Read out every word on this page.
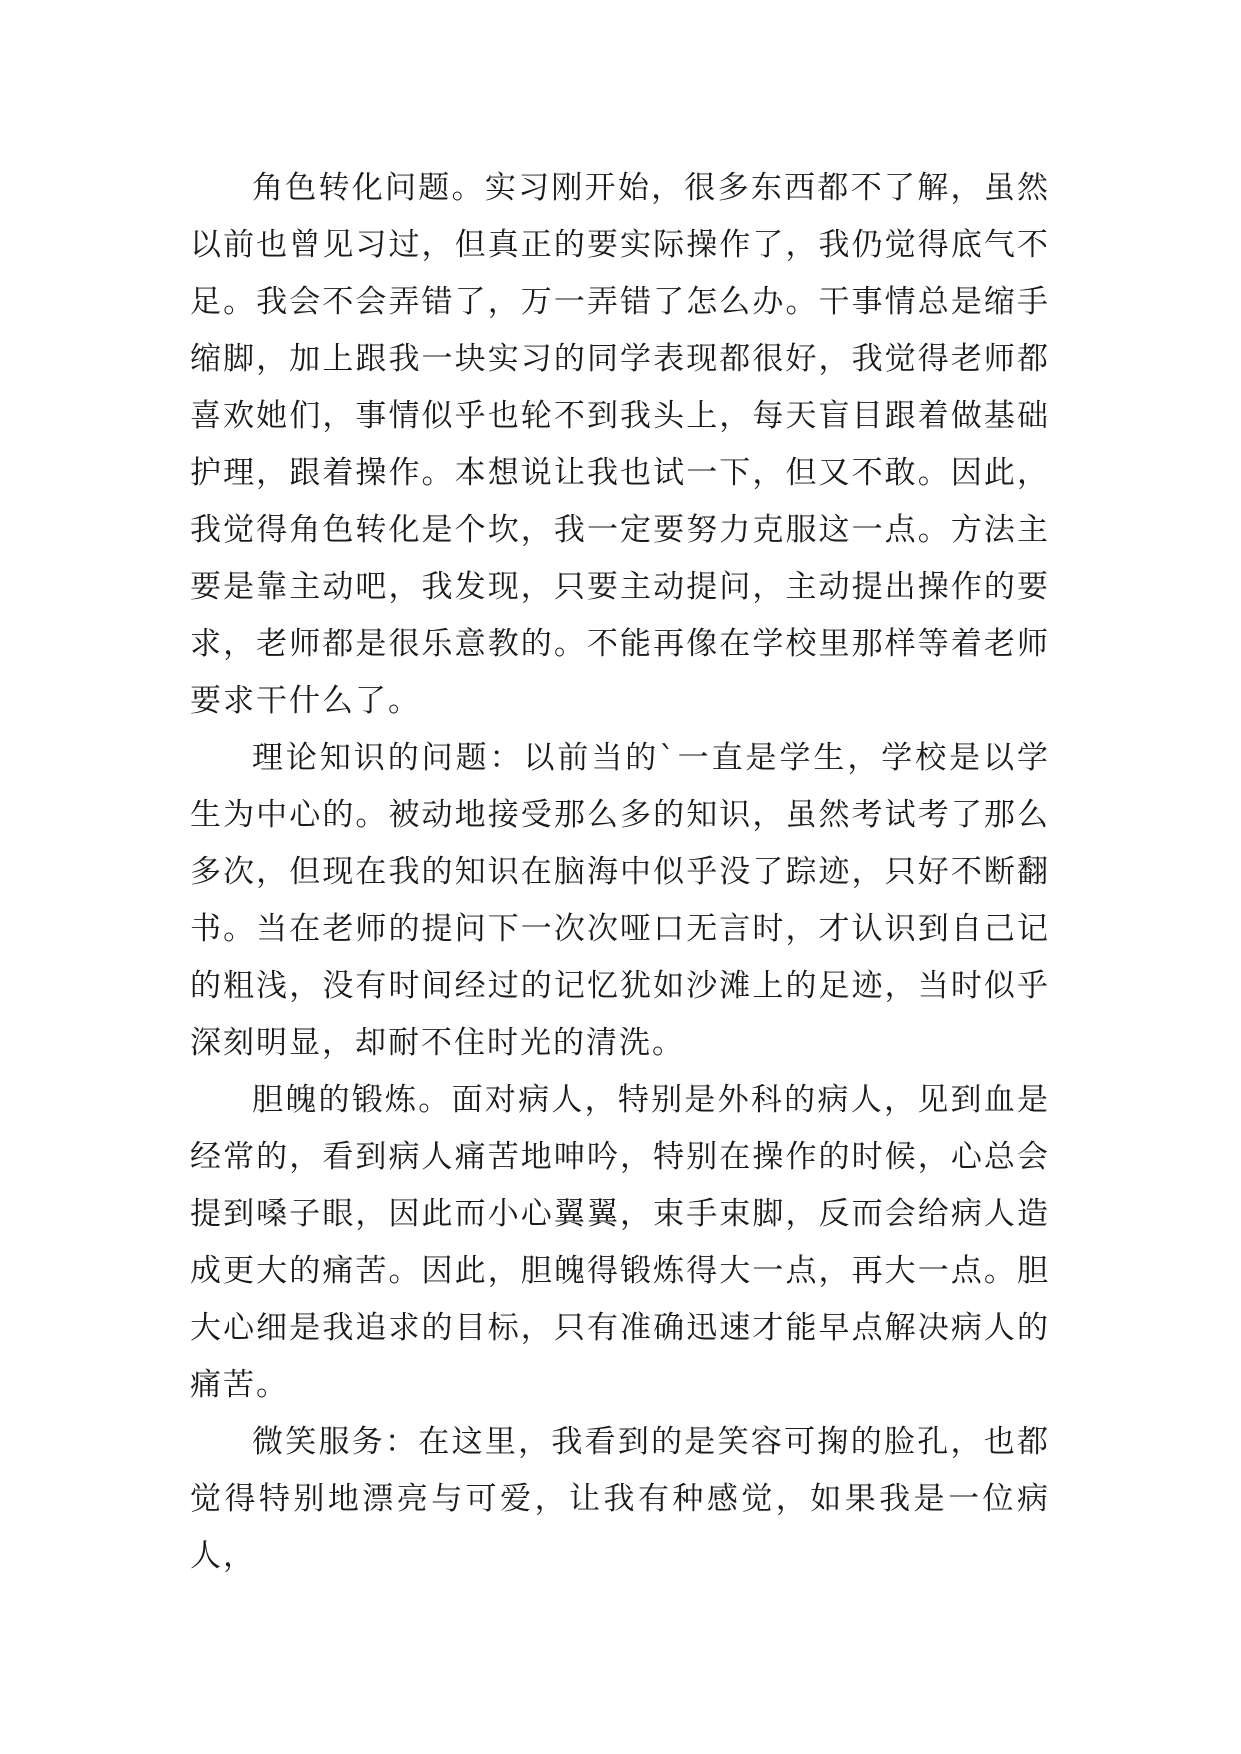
角色转化问题。实习刚开始，很多东西都不了解，虽然以前也曾见习过，但真正的要实际操作了，我仍觉得底气不足。我会不会弄错了，万一弄错了怎么办。干事情总是缩手缩脚，加上跟我一块实习的同学表现都很好，我觉得老师都喜欢她们，事情似乎也轮不到我头上，每天盲目跟着做基础护理，跟着操作。本想说让我也试一下，但又不敢。因此，我觉得角色转化是个坎，我一定要努力克服这一点。方法主要是靠主动吧，我发现，只要主动提问，主动提出操作的要求，老师都是很乐意教的。不能再像在学校里那样等着老师要求干什么了。

理论知识的问题：以前当的`一直是学生，学校是以学生为中心的。被动地接受那么多的知识，虽然考试考了那么多次，但现在我的知识在脑海中似乎没了踪迹，只好不断翻书。当在老师的提问下一次次哑口无言时，才认识到自己记的粗浅，没有时间经过的记忆犹如沙滩上的足迹，当时似乎深刻明显，却耐不住时光的清洗。

胆魄的锻炼。面对病人，特别是外科的病人，见到血是经常的，看到病人痛苦地呻吟，特别在操作的时候，心总会提到嗓子眼，因此而小心翼翼，束手束脚，反而会给病人造成更大的痛苦。因此，胆魄得锻炼得大一点，再大一点。胆大心细是我追求的目标，只有准确迅速才能早点解决病人的痛苦。

微笑服务：在这里，我看到的是笑容可掬的脸孔，也都觉得特别地漂亮与可爱，让我有种感觉，如果我是一位病人，
